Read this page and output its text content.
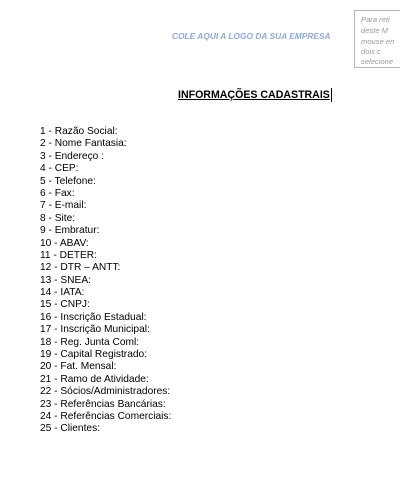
COLE AQUI A LOGO DA SUA EMPRESA
Para reti
deste M
mouse en
dois c
selecione
INFORMAÇÕES CADASTRAIS
1 - Razão Social:
2 - Nome Fantasia:
3 - Endereço :
4 - CEP:
5 - Telefone:
6 - Fax:
7 - E-mail:
8 - Site:
9 - Embratur:
10 - ABAV:
11 - DETER:
12 - DTR – ANTT:
13 - SNEA:
14 - IATA:
15 - CNPJ:
16 - Inscrição Estadual:
17 - Inscrição Municipal:
18 - Reg. Junta Coml:
19 - Capital Registrado:
20 - Fat. Mensal:
21 - Ramo de Atividade:
22 - Sócios/Administradores:
23 - Referências Bancárias:
24 - Referências Comerciais:
25 - Clientes:
